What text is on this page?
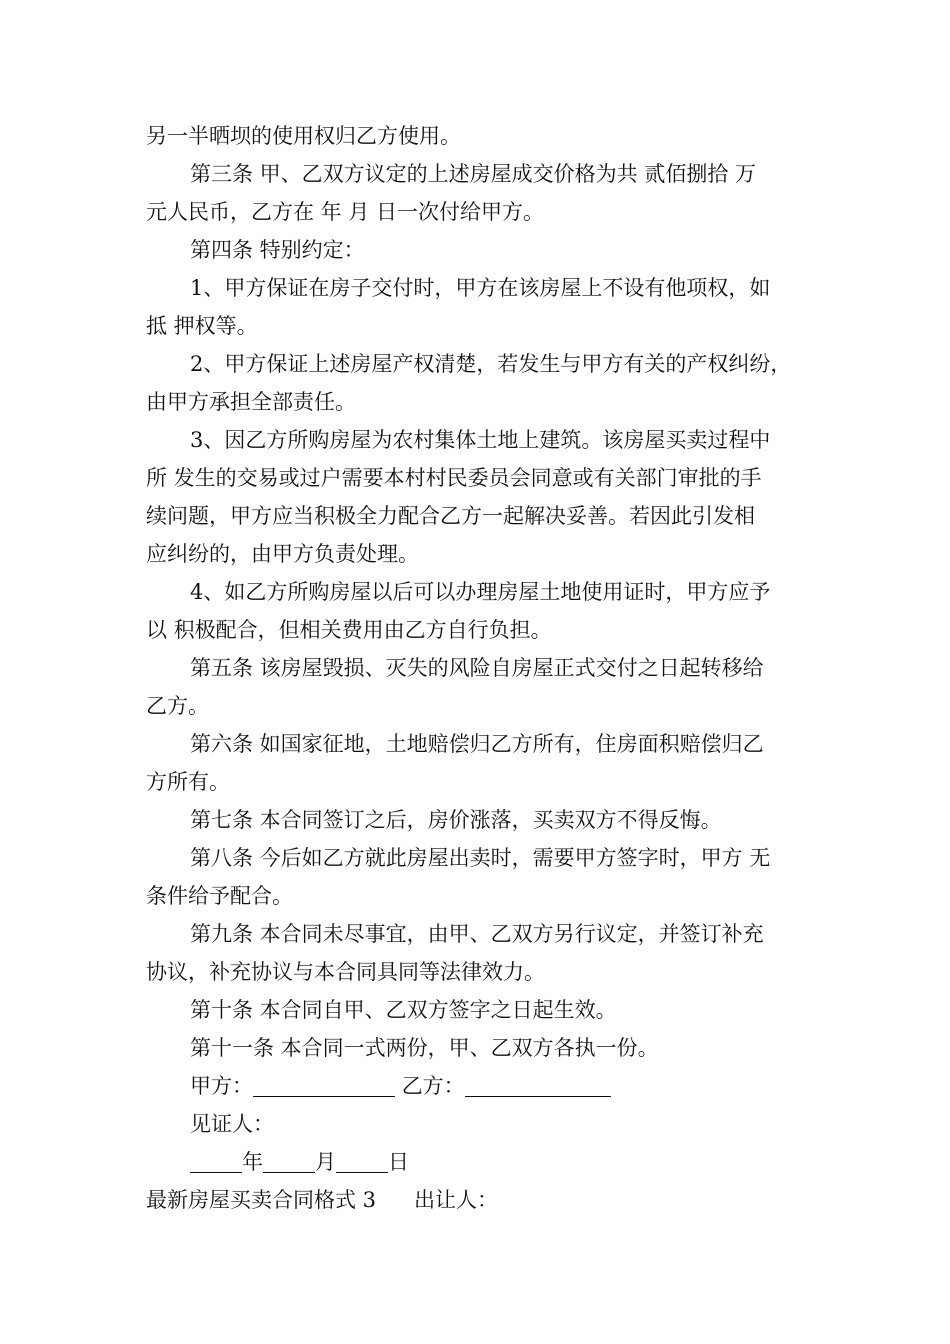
另一半晒坝的使用权归乙方使用。
第三条 甲、乙双方议定的上述房屋成交价格为共 贰佰捌拾 万
元人民币，乙方在 年 月 日一次付给甲方。
第四条 特别约定：
1、甲方保证在房子交付时，甲方在该房屋上不设有他项权，如
抵 押权等。
2、甲方保证上述房屋产权清楚，若发生与甲方有关的产权纠纷，
由甲方承担全部责任。
3、因乙方所购房屋为农村集体土地上建筑。该房屋买卖过程中
所 发生的交易或过户需要本村村民委员会同意或有关部门审批的手
续问题，甲方应当积极全力配合乙方一起解决妥善。若因此引发相
应纠纷的，由甲方负责处理。
4、如乙方所购房屋以后可以办理房屋土地使用证时，甲方应予
以 积极配合，但相关费用由乙方自行负担。
第五条 该房屋毁损、灭失的风险自房屋正式交付之日起转移给
乙方。
第六条 如国家征地，土地赔偿归乙方所有，住房面积赔偿归乙
方所有。
第七条 本合同签订之后，房价涨落，买卖双方不得反悔。
第八条 今后如乙方就此房屋出卖时，需要甲方签字时，甲方 无
条件给予配合。
第九条 本合同未尽事宜，由甲、乙双方另行议定，并签订补充
协议，补充协议与本合同具同等法律效力。
第十条 本合同自甲、乙双方签字之日起生效。
第十一条 本合同一式两份，甲、乙双方各执一份。
甲方：	乙方：
见证人：
年 月 日
最新房屋买卖合同格式 3 出让人：
